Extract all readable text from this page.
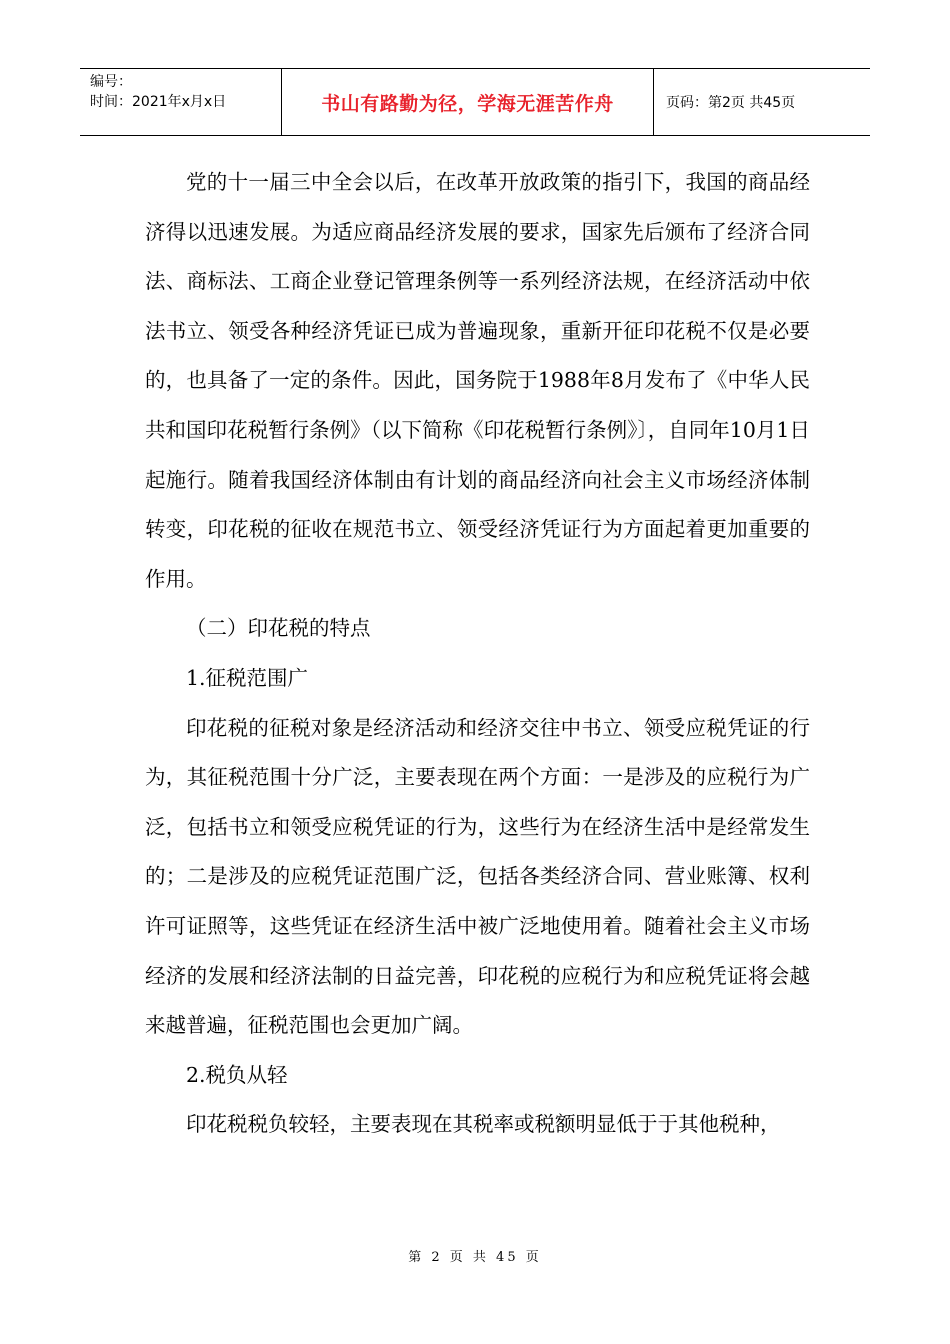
编号：
时间：2021年x月x日	书山有路勤为径，学海无涯苦作舟	页码：第2页 共45页

党的十一届三中全会以后，在改革开放政策的指引下，我国的商品经济得以迅速发展。为适应商品经济发展的要求，国家先后颁布了经济合同法、商标法、工商企业登记管理条例等一系列经济法规，在经济活动中依法书立、领受各种经济凭证已成为普遍现象，重新开征印花税不仅是必要的，也具备了一定的条件。因此，国务院于1988年8月发布了《中华人民共和国印花税暂行条例》（以下简称《印花税暂行条例》〕，自同年10月1日起施行。随着我国经济体制由有计划的商品经济向社会主义市场经济体制转变，印花税的征收在规范书立、领受经济凭证行为方面起着更加重要的作用。

（二）印花税的特点

1.征税范围广

印花税的征税对象是经济活动和经济交往中书立、领受应税凭证的行为，其征税范围十分广泛，主要表现在两个方面：一是涉及的应税行为广泛，包括书立和领受应税凭证的行为，这些行为在经济生活中是经常发生的；二是涉及的应税凭证范围广泛，包括各类经济合同、营业账簿、权利许可证照等，这些凭证在经济生活中被广泛地使用着。随着社会主义市场经济的发展和经济法制的日益完善，印花税的应税行为和应税凭证将会越来越普遍，征税范围也会更加广阔。

2.税负从轻

印花税税负较轻，主要表现在其税率或税额明显低于于其他税种，

第 2 页 共 45 页
